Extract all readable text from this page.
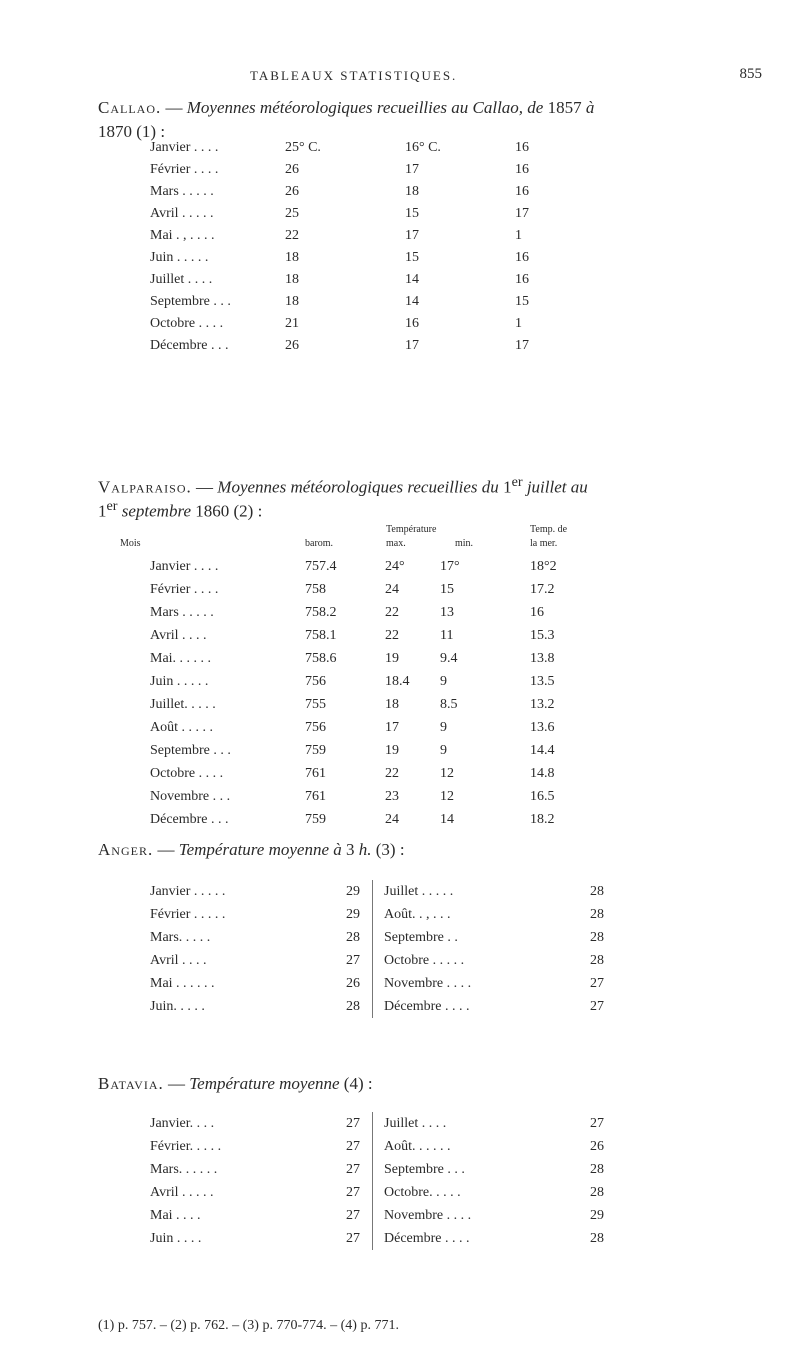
TABLEAUX STATISTIQUES.	855
Callao. — Moyennes météorologiques recueillies au Callao, de 1857 à
1870 (1) :
Janvier . . . .	25° C.	16° C.	16
Février . . . .	26	17	16
Mars . . . . .	26	18	16
Avril . . . . .	25	15	17
Mai . , . . . .	22	17	1
Juin . . . . .	18	15	16
Juillet . . . .	18	14	16
Septembre . . .	18	14	15
Octobre . . . .	21	16	1
Décembre . . .	26	17	17
Valparaiso. — Moyennes météorologiques recueillies du 1er juillet au
1er septembre 1860 (2) :
Mois	barom.
Température
max.	min.
Temp. de
la mer.
Janvier . . . .	757.4	24°	17°	18°2
Février . . . .	758	24	15	17.2
Mars . . . . .	758.2	22	13	16
Avril . . . .	758.1	22	11	15.3
Mai. . . . . .	758.6	19	9.4	13.8
Juin . . . . .	756	18.4	9	13.5
Juillet. . . . .	755	18	8.5	13.2
Août . . . . .	756	17	9	13.6
Septembre . . .	759	19	9	14.4
Octobre . . . .	761	22	12	14.8
Novembre . . .	761	23	12	16.5
Décembre . . .	759	24	14	18.2
Anger. — Température moyenne à 3 h. (3) :
Janvier . . . . .	29		Juillet . . . . .	28
Février . . . . .	29		Août. . , . . .	28
Mars. . . . .	28		Septembre . .	28
Avril . . . .	27		Octobre . . . . .	28
Mai . . . . . .	26		Novembre . . . .	27
Juin. . . . .	28		Décembre . . . .	27
Batavia. — Température moyenne (4) :
Janvier. . . .	27		Juillet . . . .	27
Février. . . . .	27		Août. . . . . .	26
Mars. . . . . .	27		Septembre . . .	28
Avril . . . . .	27		Octobre. . . . .	28
Mai . . . .	27		Novembre . . . .	29
Juin . . . .	27		Décembre . . . .	28
(1) p. 757. – (2) p. 762. – (3) p. 770-774. – (4) p. 771.
